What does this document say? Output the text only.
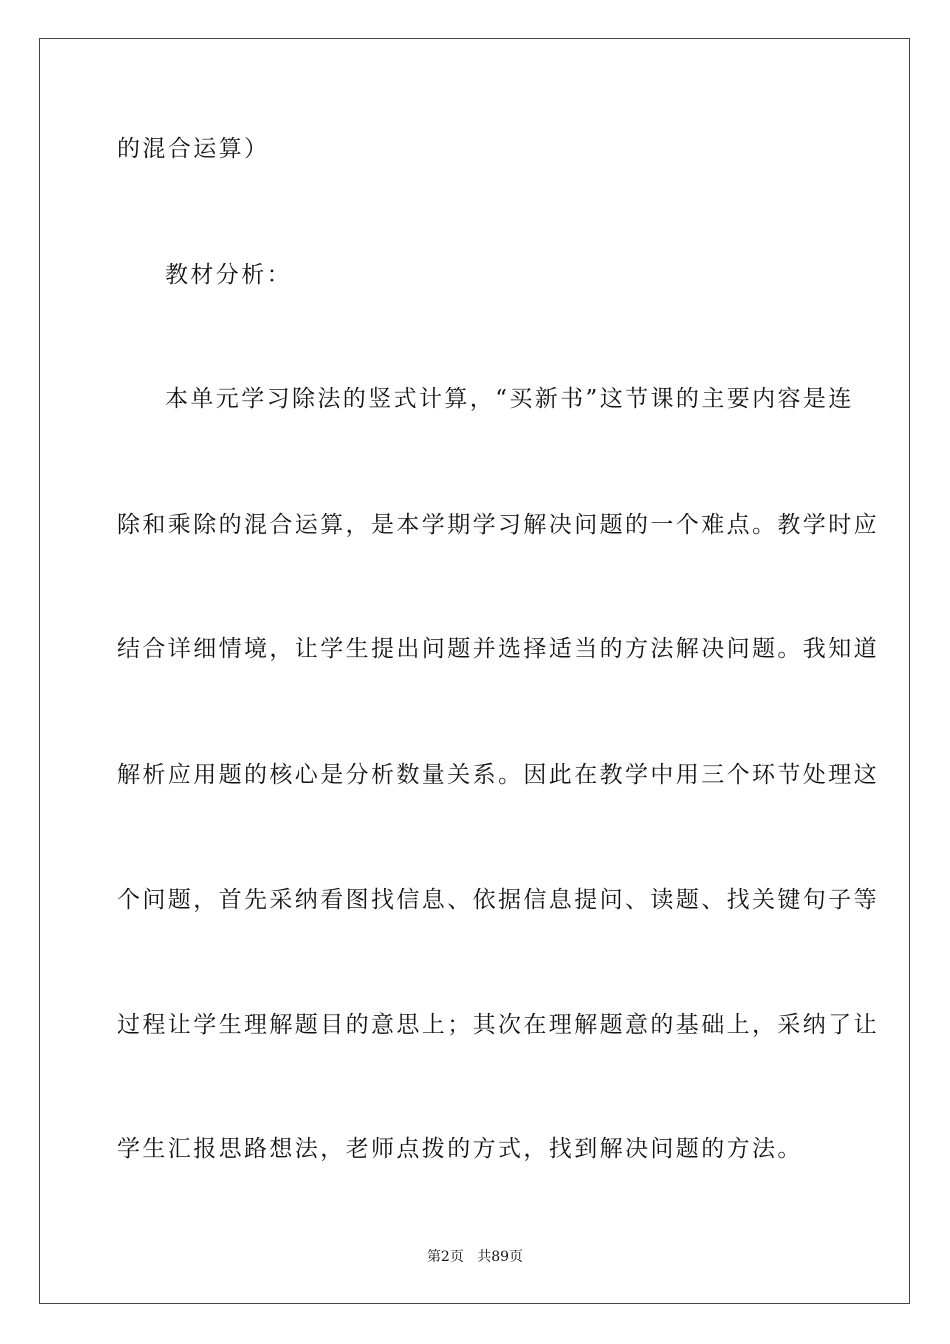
的混合运算）
教材分析：
本单元学习除法的竖式计算，“买新书”这节课的主要内容是连
除和乘除的混合运算，是本学期学习解决问题的一个难点。教学时应
结合详细情境，让学生提出问题并选择适当的方法解决问题。我知道
解析应用题的核心是分析数量关系。因此在教学中用三个环节处理这
个问题，首先采纳看图找信息、依据信息提问、读题、找关键句子等
过程让学生理解题目的意思上；其次在理解题意的基础上，采纳了让
学生汇报思路想法，老师点拨的方式，找到解决问题的方法。
第2页 共89页
